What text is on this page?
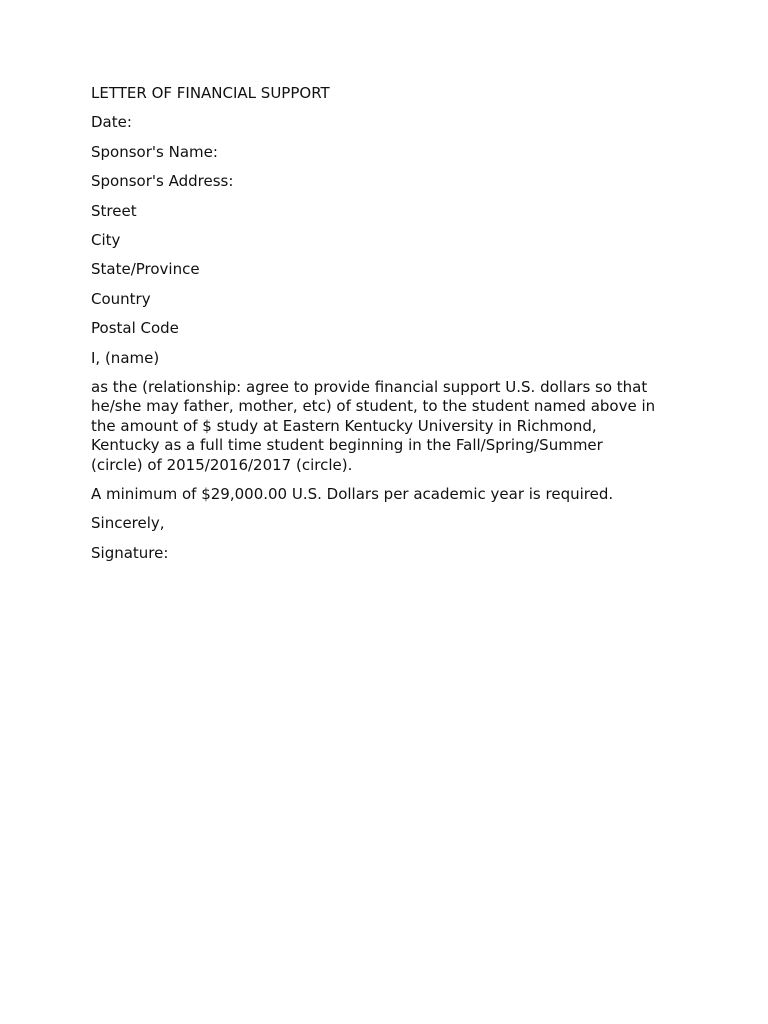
LETTER OF FINANCIAL SUPPORT
Date:
Sponsor's Name:
Sponsor's Address:
Street
City
State/Province
Country
Postal Code
I, (name)
as the (relationship: agree to provide financial support U.S. dollars so that
he/she may father, mother, etc) of student, to the student named above in
the amount of $ study at Eastern Kentucky University in Richmond,
Kentucky as a full time student beginning in the Fall/Spring/Summer
(circle) of 2015/2016/2017 (circle).
A minimum of $29,000.00 U.S. Dollars per academic year is required.
Sincerely,
Signature:
